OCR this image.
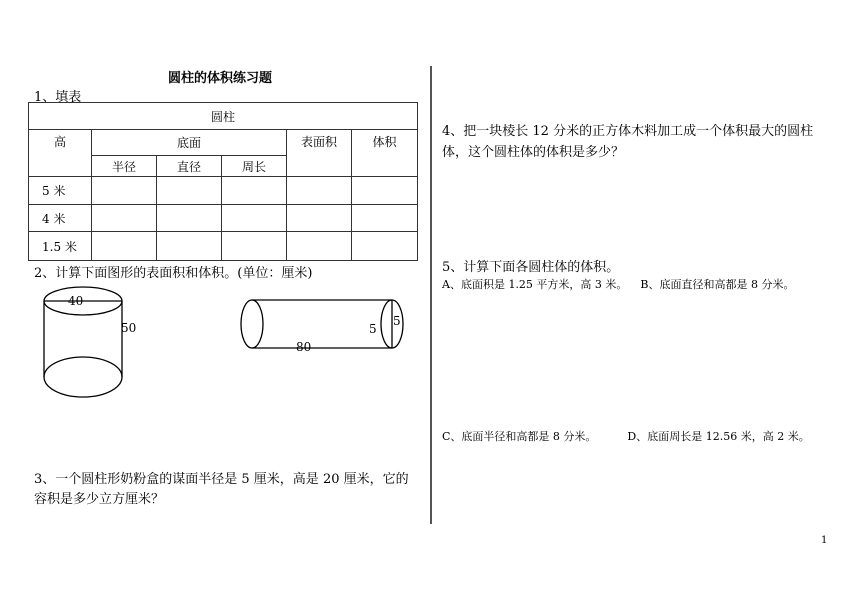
圆柱的体积练习题
1、填表
圆柱					
高	底面			表面积	体积
	半径	直径	周长		
5 米					
4 米					
1.5 米					
2、计算下面图形的表面积和体积。(单位：厘米)
40
50	5
5
80
3、一个圆柱形奶粉盒的谋面半径是 5 厘米，高是 20 厘米，它的容积是多少立方厘米？
4、把一块棱长 12 分米的正方体木料加工成一个体积最大的圆柱体，这个圆柱体的体积是多少？
5、计算下面各圆柱体的体积。
A、底面积是 1.25 平方米，高 3 米。 B、底面直径和高都是 8 分米。
C、底面半径和高都是 8 分米。	D、底面周长是 12.56 米，高 2 米。
1
